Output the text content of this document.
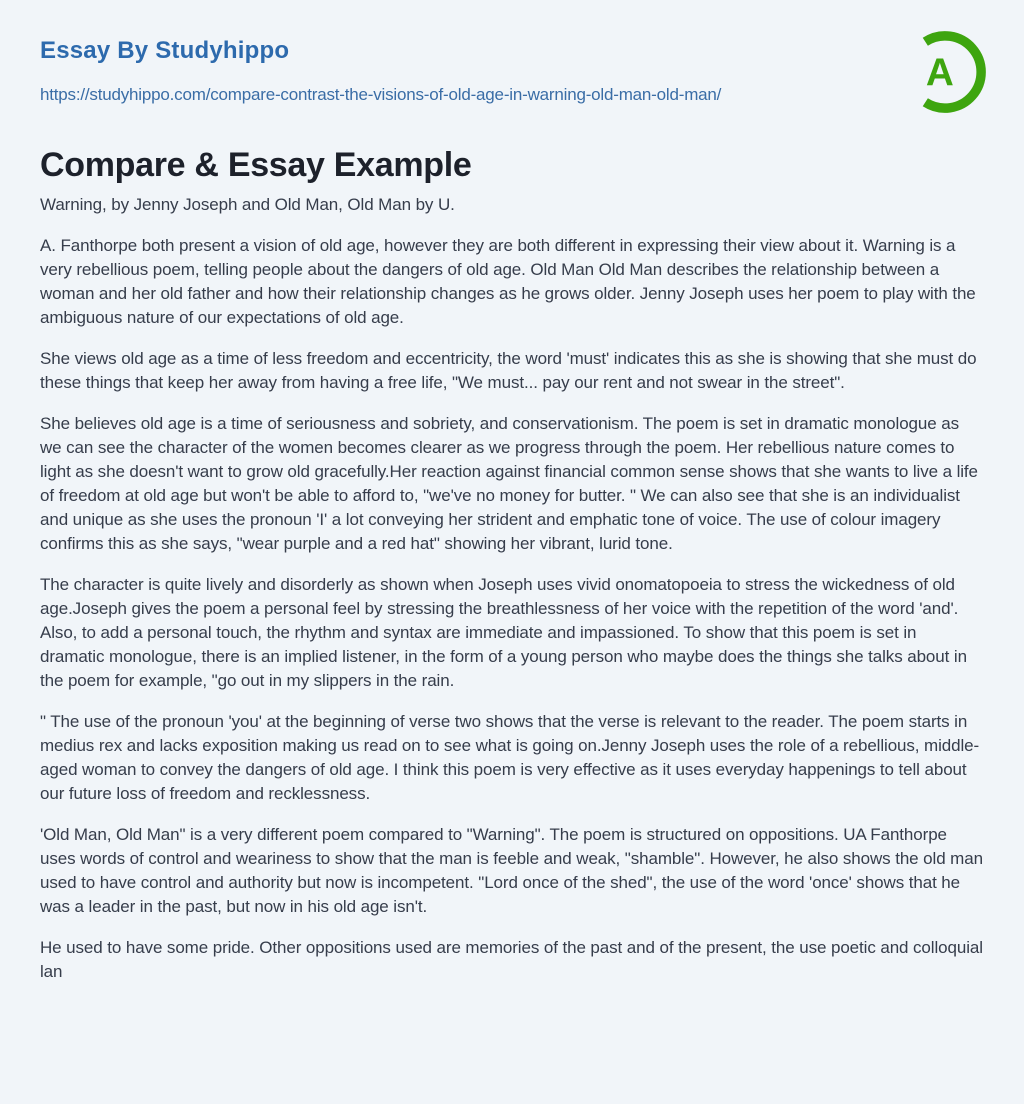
Essay By Studyhippo
https://studyhippo.com/compare-contrast-the-visions-of-old-age-in-warning-old-man-old-man/
A
Compare & Essay Example

Warning, by Jenny Joseph and Old Man, Old Man by U.

A. Fanthorpe both present a vision of old age, however they are both different in expressing their view about it. Warning is a very rebellious poem, telling people about the dangers of old age. Old Man Old Man describes the relationship between a woman and her old father and how their relationship changes as he grows older. Jenny Joseph uses her poem to play with the ambiguous nature of our expectations of old age.

She views old age as a time of less freedom and eccentricity, the word 'must' indicates this as she is showing that she must do these things that keep her away from having a free life, "We must... pay our rent and not swear in the street".

She believes old age is a time of seriousness and sobriety, and conservationism. The poem is set in dramatic monologue as we can see the character of the women becomes clearer as we progress through the poem. Her rebellious nature comes to light as she doesn't want to grow old gracefully.Her reaction against financial common sense shows that she wants to live a life of freedom at old age but won't be able to afford to, "we've no money for butter. " We can also see that she is an individualist and unique as she uses the pronoun 'I' a lot conveying her strident and emphatic tone of voice. The use of colour imagery confirms this as she says, "wear purple and a red hat" showing her vibrant, lurid tone.

The character is quite lively and disorderly as shown when Joseph uses vivid onomatopoeia to stress the wickedness of old age.Joseph gives the poem a personal feel by stressing the breathlessness of her voice with the repetition of the word 'and'. Also, to add a personal touch, the rhythm and syntax are immediate and impassioned. To show that this poem is set in dramatic monologue, there is an implied listener, in the form of a young person who maybe does the things she talks about in the poem for example, "go out in my slippers in the rain.

" The use of the pronoun 'you' at the beginning of verse two shows that the verse is relevant to the reader. The poem starts in medius rex and lacks exposition making us read on to see what is going on.Jenny Joseph uses the role of a rebellious, middle-aged woman to convey the dangers of old age. I think this poem is very effective as it uses everyday happenings to tell about our future loss of freedom and recklessness.

'Old Man, Old Man" is a very different poem compared to "Warning". The poem is structured on oppositions. UA Fanthorpe uses words of control and weariness to show that the man is feeble and weak, "shamble". However, he also shows the old man used to have control and authority but now is incompetent. "Lord once of the shed", the use of the word 'once' shows that he was a leader in the past, but now in his old age isn't.

He used to have some pride. Other oppositions used are memories of the past and of the present, the use poetic and colloquial lan
